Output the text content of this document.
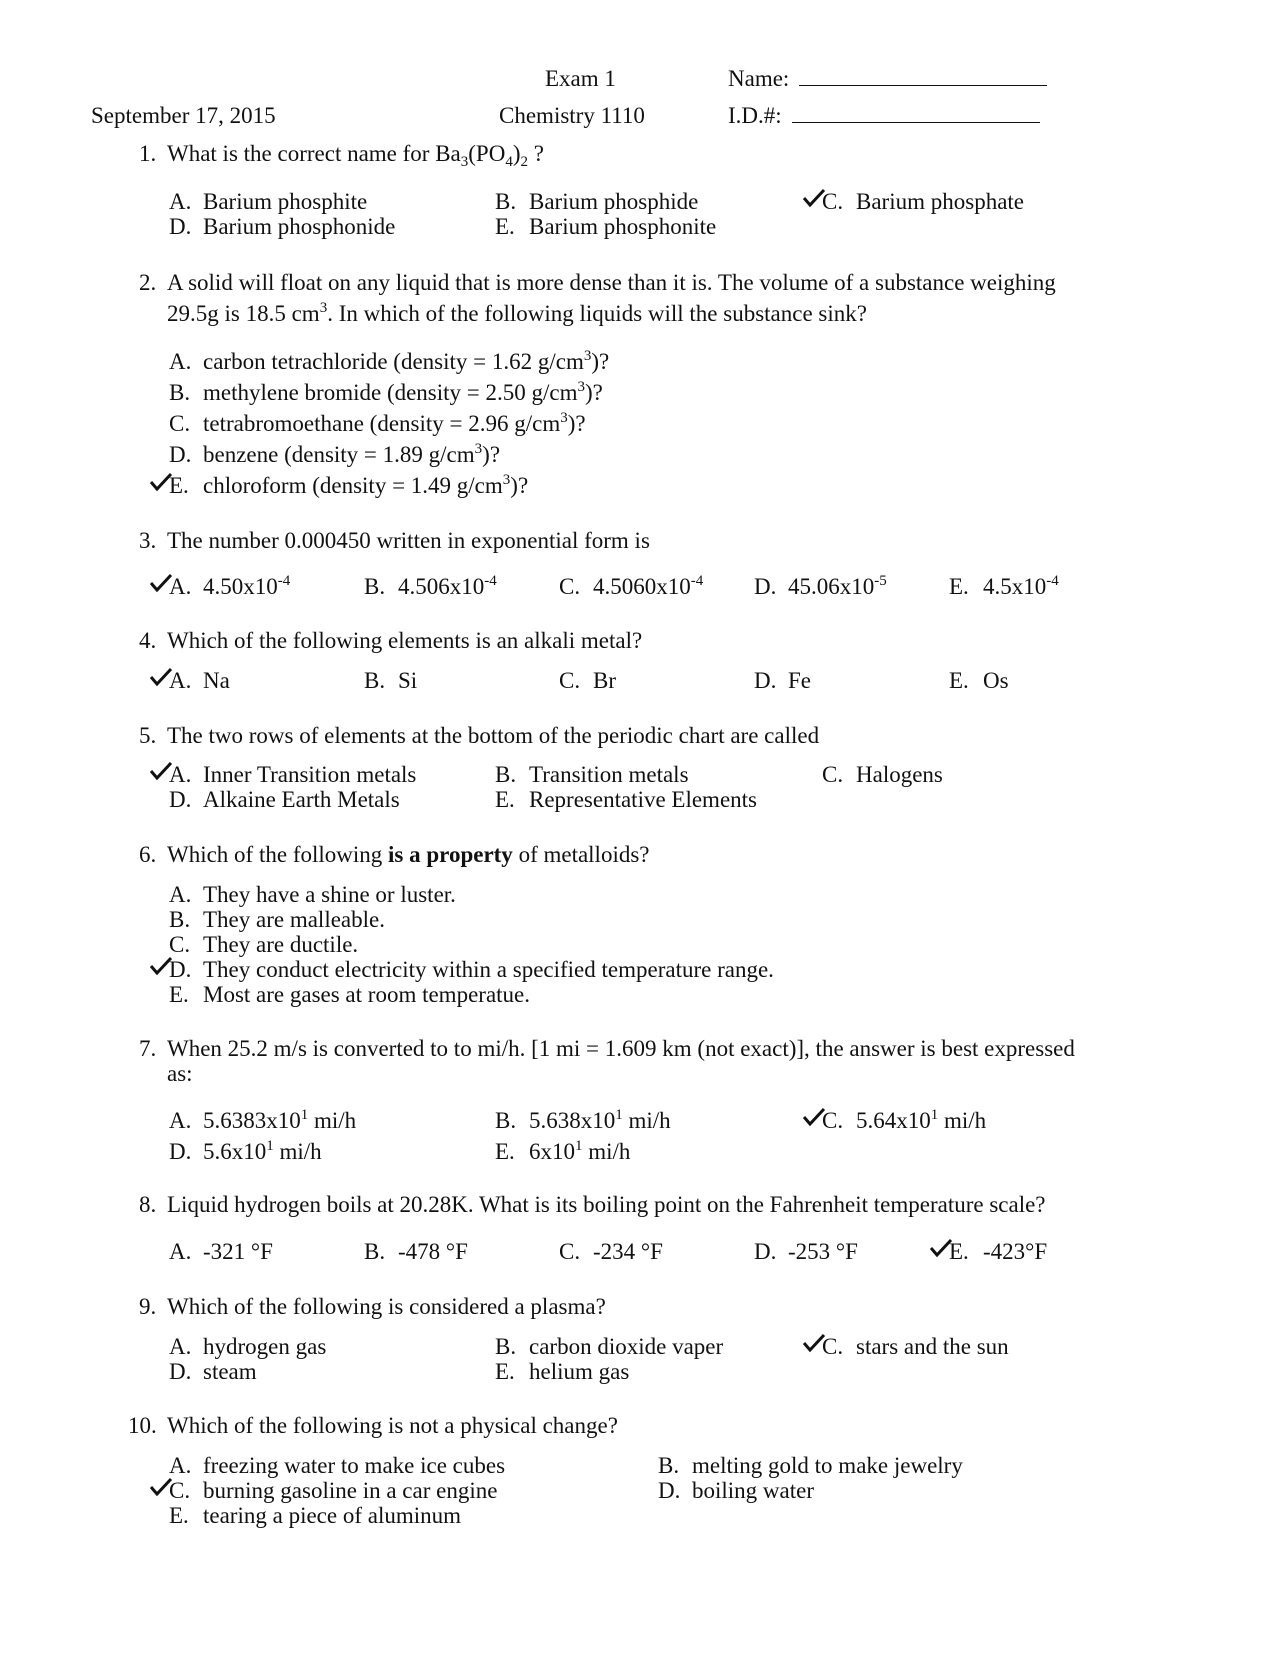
Exam 1	Name:
September 17, 2015	Chemistry 1110	I.D.#:
1. What is the correct name for $Ba_3(PO_4)_2$ ?
A. Barium phosphite	B. Barium phosphide	C. Barium phosphate
D. Barium phosphonide	E. Barium phosphonite
2. A solid will float on any liquid that is more dense than it is. The volume of a substance weighing
29.5g is 18.5 $cm^3$. In which of the following liquids will the substance sink?
A. carbon tetrachloride (density = 1.62 $g/cm^3$)?
B. methylene bromide (density = 2.50 $g/cm^3$)?
C. tetrabromoethane (density = 2.96 $g/cm^3$)?
D. benzene (density = 1.89 $g/cm^3$)?
E. chloroform (density = 1.49 $g/cm^3$)?
3. The number 0.000450 written in exponential form is
A. $4.50x10^{-4}$	B. $4.506x10^{-4}$	C. $4.5060x10^{-4}$ D. $45.06x10^{-5}$	E. $4.5x10^{-4}$
4. Which of the following elements is an alkali metal?
A. Na	B. Si	C. Br	D. Fe	E. Os
5. The two rows of elements at the bottom of the periodic chart are called
A. Inner Transition metals	B. Transition metals	C. Halogens
D. Alkaine Earth Metals	E. Representative Elements
6. Which of the following is a property of metalloids?
A. They have a shine or luster.
B. They are malleable.
C. They are ductile.
D. They conduct electricity within a specified temperature range.
E. Most are gases at room temperatue.
7. When 25.2 m/s is converted to to mi/h. [1 mi = 1.609 km (not exact)], the answer is best expressed
as:
A. $5.6383x10^1$ mi/h	B. $5.638x10^1$ mi/h	C. $5.64x10^1$ mi/h
D. $5.6x10^1$ mi/h	E. $6x10^1$ mi/h
8. Liquid hydrogen boils at 20.28K. What is its boiling point on the Fahrenheit temperature scale?
A. -321 °F	B. -478 °F	C. -234 °F	D. -253 °F	E. -423°F
9. Which of the following is considered a plasma?
A. hydrogen gas	B. carbon dioxide vaper	C. stars and the sun
D. steam	E. helium gas
10. Which of the following is not a physical change?
A. freezing water to make ice cubes	B. melting gold to make jewelry
C. burning gasoline in a car engine	D. boiling water
E. tearing a piece of aluminum
